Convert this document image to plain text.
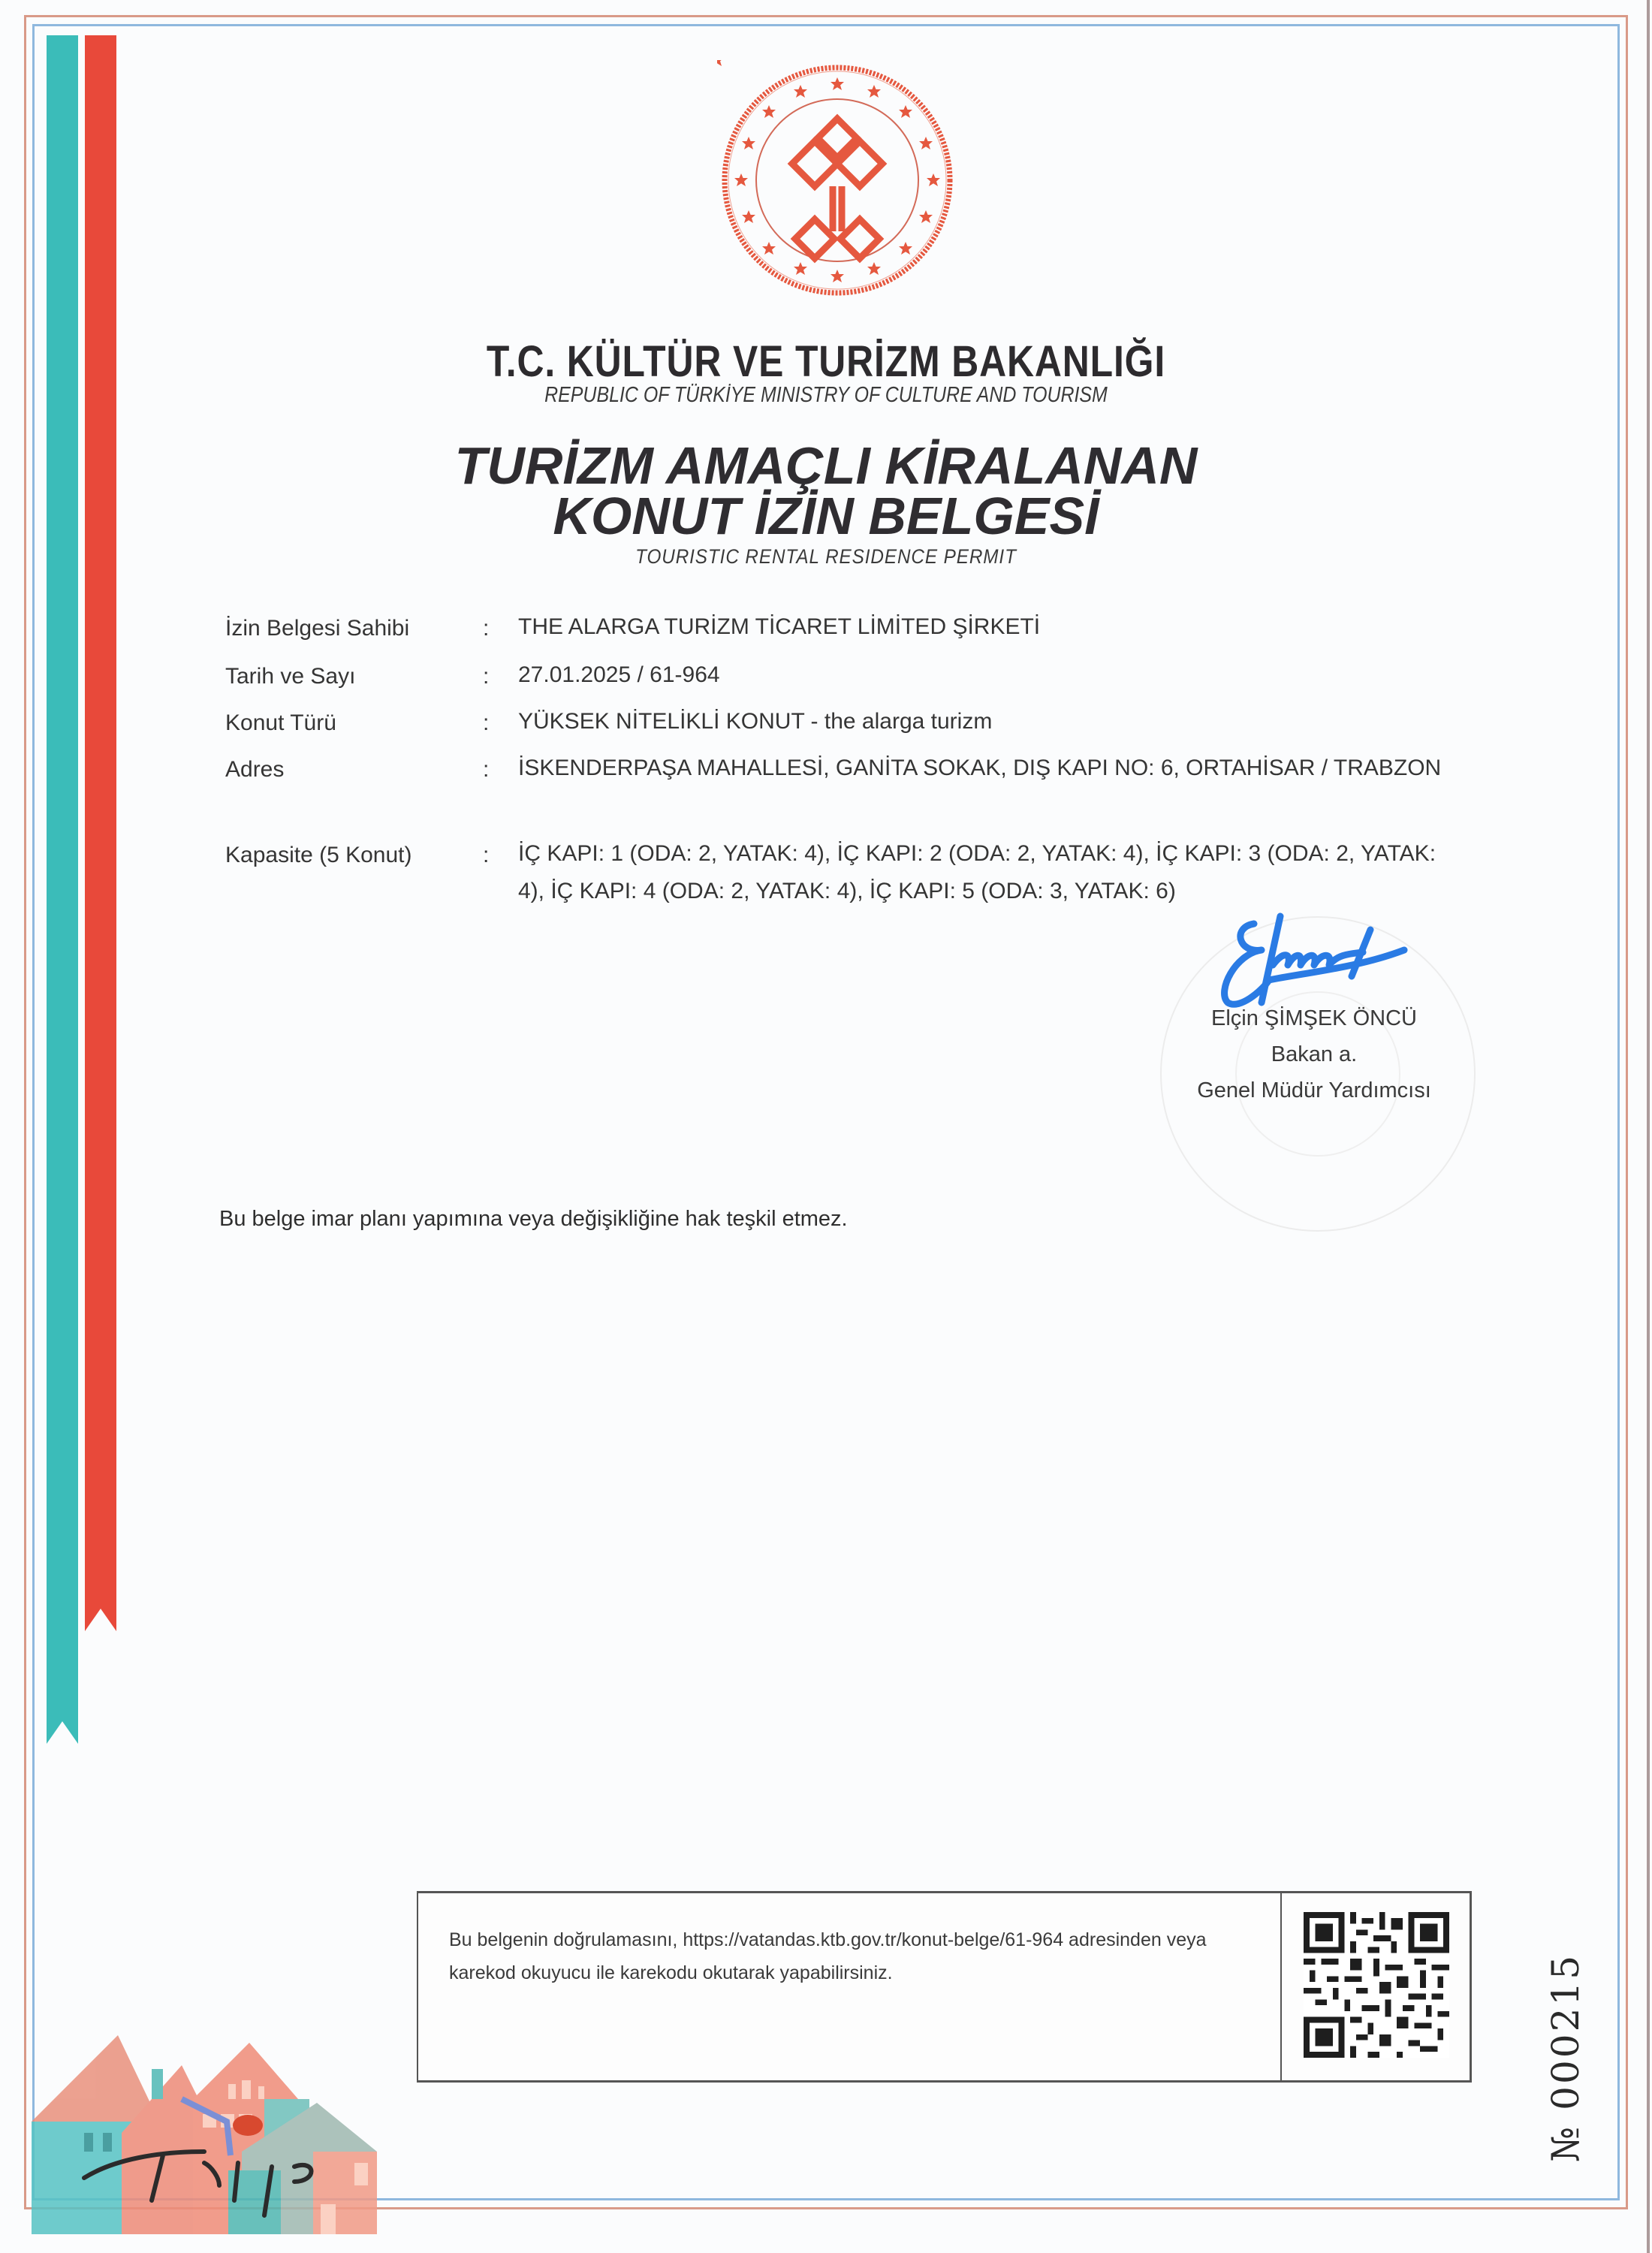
T.C. KÜLTÜR VE TURİZM BAKANLIĞI
REPUBLIC OF TÜRKİYE MINISTRY OF CULTURE AND TOURISM
TURİZM AMAÇLI KİRALANAN
KONUT İZİN BELGESİ
TOURISTIC RENTAL RESIDENCE PERMIT
İzin Belgesi Sahibi	: THE ALARGA TURİZM TİCARET LİMİTED ŞİRKETİ
Tarih ve Sayı	: 27.01.2025 / 61-964
Konut Türü	: YÜKSEK NİTELİKLİ KONUT - the alarga turizm
Adres	: İSKENDERPAŞA MAHALLESİ, GANİTA SOKAK, DIŞ KAPI NO: 6, ORTAHİSAR / TRABZON
Kapasite (5 Konut)	: İÇ KAPI: 1 (ODA: 2, YATAK: 4), İÇ KAPI: 2 (ODA: 2, YATAK: 4), İÇ KAPI: 3 (ODA: 2, YATAK: 4), İÇ KAPI: 4 (ODA: 2, YATAK: 4), İÇ KAPI: 5 (ODA: 3, YATAK: 6)
Elçin ŞİMŞEK ÖNCÜ
Bakan a.
Genel Müdür Yardımcısı
Bu belge imar planı yapımına veya değişikliğine hak teşkil etmez.
Bu belgenin doğrulamasını, https://vatandas.ktb.gov.tr/konut-belge/61-964 adresinden veya karekod okuyucu ile karekodu okutarak yapabilirsiniz.	№ 000215
